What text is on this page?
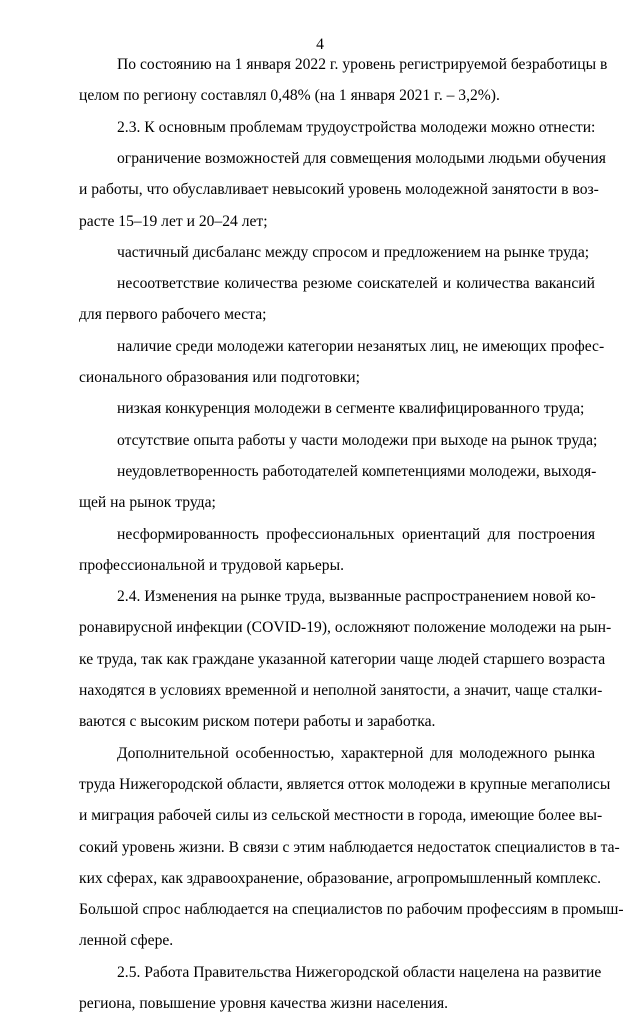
4
По состоянию на 1 января 2022 г. уровень регистрируемой безработицы в
целом по региону составлял 0,48% (на 1 января 2021 г. – 3,2%).
2.3. К основным проблемам трудоустройства молодежи можно отнести:
ограничение возможностей для совмещения молодыми людьми обучения
и работы, что обуславливает невысокий уровень молодежной занятости в воз-
расте 15–19 лет и 20–24 лет;
частичный дисбаланс между спросом и предложением на рынке труда;
несоответствие количества резюме соискателей и количества вакансий
для первого рабочего места;
наличие среди молодежи категории незанятых лиц, не имеющих профес-
сионального образования или подготовки;
низкая конкуренция молодежи в сегменте квалифицированного труда;
отсутствие опыта работы у части молодежи при выходе на рынок труда;
неудовлетворенность работодателей компетенциями молодежи, выходя-
щей на рынок труда;
несформированность профессиональных ориентаций для построения
профессиональной и трудовой карьеры.
2.4. Изменения на рынке труда, вызванные распространением новой ко-
ронавирусной инфекции (COVID-19), осложняют положение молодежи на рын-
ке труда, так как граждане указанной категории чаще людей старшего возраста
находятся в условиях временной и неполной занятости, а значит, чаще сталки-
ваются с высоким риском потери работы и заработка.
Дополнительной особенностью, характерной для молодежного рынка
труда Нижегородской области, является отток молодежи в крупные мегаполисы
и миграция рабочей силы из сельской местности в города, имеющие более вы-
сокий уровень жизни. В связи с этим наблюдается недостаток специалистов в та-
ких сферах, как здравоохранение, образование, агропромышленный комплекс.
Большой спрос наблюдается на специалистов по рабочим профессиям в промыш-
ленной сфере.
2.5. Работа Правительства Нижегородской области нацелена на развитие
региона, повышение уровня качества жизни населения.
